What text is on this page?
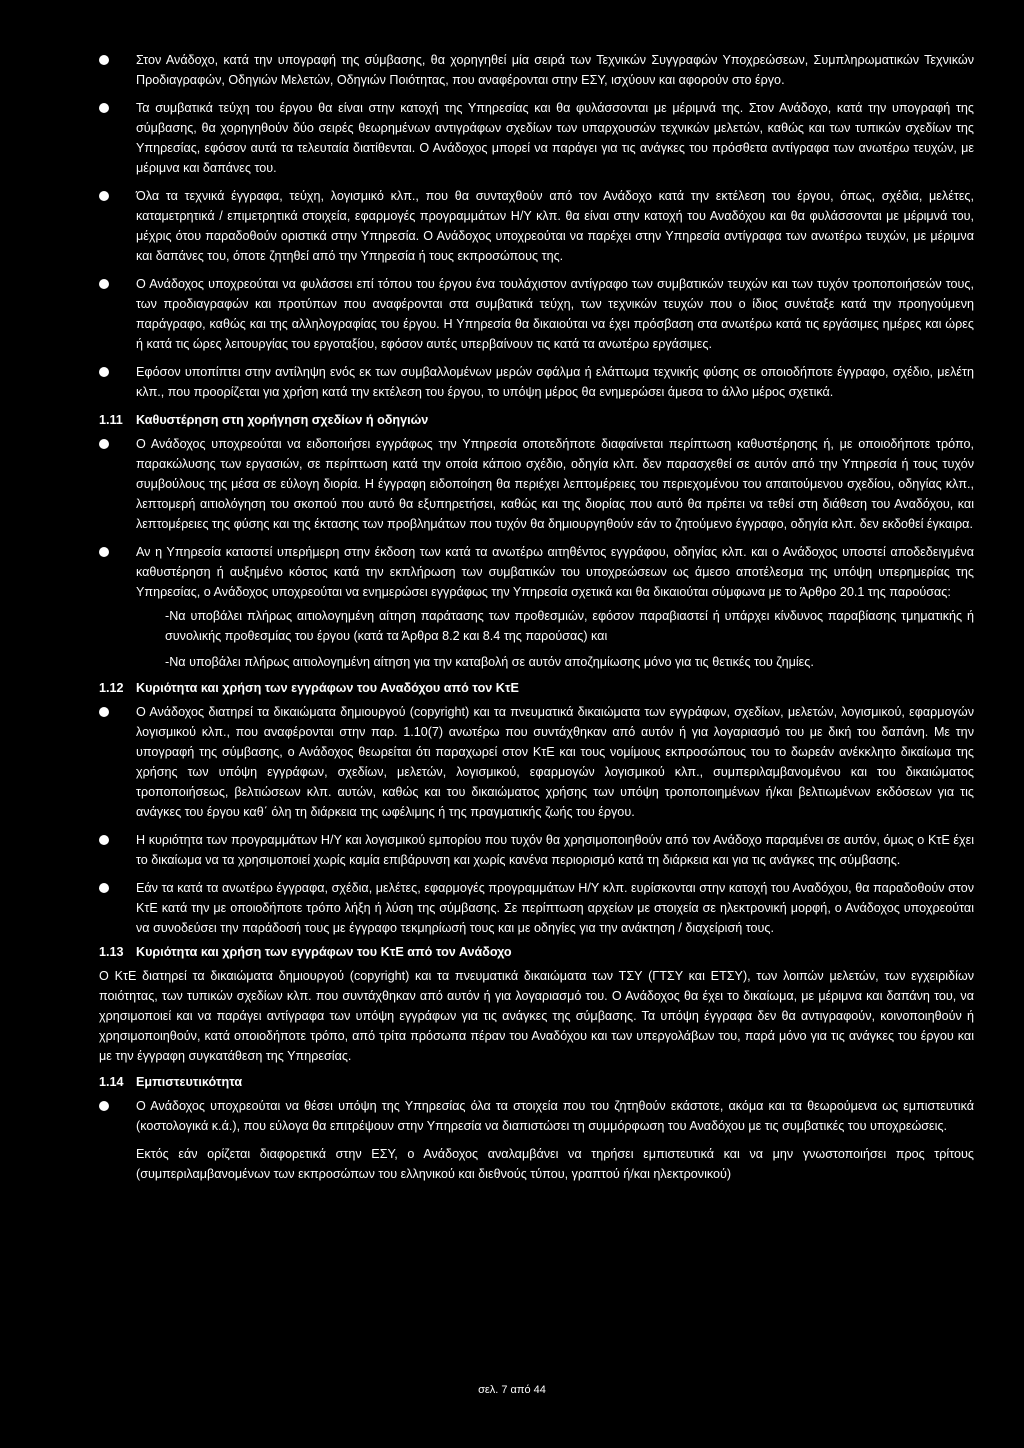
Στον Ανάδοχο, κατά την υπογραφή της σύμβασης, θα χορηγηθεί μία σειρά των Τεχνικών Συγγραφών Υποχρεώσεων, Συμπληρωματικών Τεχνικών Προδιαγραφών, Οδηγιών Μελετών, Οδηγιών Ποιότητας, που αναφέρονται στην ΕΣΥ, ισχύουν και αφορούν στο έργο.

Τα συμβατικά τεύχη του έργου θα είναι στην κατοχή της Υπηρεσίας και θα φυλάσσονται με μέριμνά της. Στον Ανάδοχο, κατά την υπογραφή της σύμβασης, θα χορηγηθούν δύο σειρές θεωρημένων αντιγράφων σχεδίων των υπαρχουσών τεχνικών μελετών, καθώς και των τυπικών σχεδίων της Υπηρεσίας, εφόσον αυτά τα τελευταία διατίθενται. Ο Ανάδοχος μπορεί να παράγει για τις ανάγκες του πρόσθετα αντίγραφα των ανωτέρω τευχών, με μέριμνα και δαπάνες του.

Όλα τα τεχνικά έγγραφα, τεύχη, λογισμικό κλπ., που θα συνταχθούν από τον Ανάδοχο κατά την εκτέλεση του έργου, όπως, σχέδια, μελέτες, καταμετρητικά / επιμετρητικά στοιχεία, εφαρμογές προγραμμάτων Η/Υ κλπ. θα είναι στην κατοχή του Αναδόχου και θα φυλάσσονται με μέριμνά του, μέχρις ότου παραδοθούν οριστικά στην Υπηρεσία. Ο Ανάδοχος υποχρεούται να παρέχει στην Υπηρεσία αντίγραφα των ανωτέρω τευχών, με μέριμνα και δαπάνες του, όποτε ζητηθεί από την Υπηρεσία ή τους εκπροσώπους της.

Ο Ανάδοχος υποχρεούται να φυλάσσει επί τόπου του έργου ένα τουλάχιστον αντίγραφο των συμβατικών τευχών και των τυχόν τροποποιήσεών τους, των προδιαγραφών και προτύπων που αναφέρονται στα συμβατικά τεύχη, των τεχνικών τευχών που ο ίδιος συνέταξε κατά την προηγούμενη παράγραφο, καθώς και της αλληλογραφίας του έργου. Η Υπηρεσία θα δικαιούται να έχει πρόσβαση στα ανωτέρω κατά τις εργάσιμες ημέρες και ώρες ή κατά τις ώρες λειτουργίας του εργοταξίου, εφόσον αυτές υπερβαίνουν τις κατά τα ανωτέρω εργάσιμες.

Εφόσον υποπίπτει στην αντίληψη ενός εκ των συμβαλλομένων μερών σφάλμα ή ελάττωμα τεχνικής φύσης σε οποιοδήποτε έγγραφο, σχέδιο, μελέτη κλπ., που προορίζεται για χρήση κατά την εκτέλεση του έργου, το υπόψη μέρος θα ενημερώσει άμεσα το άλλο μέρος σχετικά.

1.11 Καθυστέρηση στη χορήγηση σχεδίων ή οδηγιών

Ο Ανάδοχος υποχρεούται να ειδοποιήσει εγγράφως την Υπηρεσία οποτεδήποτε διαφαίνεται περίπτωση καθυστέρησης ή, με οποιοδήποτε τρόπο, παρακώλυσης των εργασιών, σε περίπτωση κατά την οποία κάποιο σχέδιο, οδηγία κλπ. δεν παρασχεθεί σε αυτόν από την Υπηρεσία ή τους τυχόν συμβούλους της μέσα σε εύλογη διορία. Η έγγραφη ειδοποίηση θα περιέχει λεπτομέρειες του περιεχομένου του απαιτούμενου σχεδίου, οδηγίας κλπ., λεπτομερή αιτιολόγηση του σκοπού που αυτό θα εξυπηρετήσει, καθώς και της διορίας που αυτό θα πρέπει να τεθεί στη διάθεση του Αναδόχου, και λεπτομέρειες της φύσης και της έκτασης των προβλημάτων που τυχόν θα δημιουργηθούν εάν το ζητούμενο έγγραφο, οδηγία κλπ. δεν εκδοθεί έγκαιρα.

Αν η Υπηρεσία καταστεί υπερήμερη στην έκδοση των κατά τα ανωτέρω αιτηθέντος εγγράφου, οδηγίας κλπ. και ο Ανάδοχος υποστεί αποδεδειγμένα καθυστέρηση ή αυξημένο κόστος κατά την εκπλήρωση των συμβατικών του υποχρεώσεων ως άμεσο αποτέλεσμα της υπόψη υπερημερίας της Υπηρεσίας, ο Ανάδοχος υποχρεούται να ενημερώσει εγγράφως την Υπηρεσία σχετικά και θα δικαιούται σύμφωνα με το Άρθρο 20.1 της παρούσας:

-Να υποβάλει πλήρως αιτιολογημένη αίτηση παράτασης των προθεσμιών, εφόσον παραβιαστεί ή υπάρχει κίνδυνος παραβίασης τμηματικής ή συνολικής προθεσμίας του έργου (κατά τα Άρθρα 8.2 και 8.4 της παρούσας) και

-Να υποβάλει πλήρως αιτιολογημένη αίτηση για την καταβολή σε αυτόν αποζημίωσης μόνο για τις θετικές του ζημίες.

1.12 Κυριότητα και χρήση των εγγράφων του Αναδόχου από τον ΚτΕ

Ο Ανάδοχος διατηρεί τα δικαιώματα δημιουργού (copyright) και τα πνευματικά δικαιώματα των εγγράφων, σχεδίων, μελετών, λογισμικού, εφαρμογών λογισμικού κλπ., που αναφέρονται στην παρ. 1.10(7) ανωτέρω που συντάχθηκαν από αυτόν ή για λογαριασμό του με δική του δαπάνη. Με την υπογραφή της σύμβασης, ο Ανάδοχος θεωρείται ότι παραχωρεί στον ΚτΕ και τους νομίμους εκπροσώπους του το δωρεάν ανέκκλητο δικαίωμα της χρήσης των υπόψη εγγράφων, σχεδίων, μελετών, λογισμικού, εφαρμογών λογισμικού κλπ., συμπεριλαμβανομένου και του δικαιώματος τροποποιήσεως, βελτιώσεων κλπ. αυτών, καθώς και του δικαιώματος χρήσης των υπόψη τροποποιημένων ή/και βελτιωμένων εκδόσεων για τις ανάγκες του έργου καθ΄ όλη τη διάρκεια της ωφέλιμης ή της πραγματικής ζωής του έργου.

Η κυριότητα των προγραμμάτων Η/Υ και λογισμικού εμπορίου που τυχόν θα χρησιμοποιηθούν από τον Ανάδοχο παραμένει σε αυτόν, όμως ο ΚτΕ έχει το δικαίωμα να τα χρησιμοποιεί χωρίς καμία επιβάρυνση και χωρίς κανένα περιορισμό κατά τη διάρκεια και για τις ανάγκες της σύμβασης.

Εάν τα κατά τα ανωτέρω έγγραφα, σχέδια, μελέτες, εφαρμογές προγραμμάτων Η/Υ κλπ. ευρίσκονται στην κατοχή του Αναδόχου, θα παραδοθούν στον ΚτΕ κατά την με οποιοδήποτε τρόπο λήξη ή λύση της σύμβασης. Σε περίπτωση αρχείων με στοιχεία σε ηλεκτρονική μορφή, ο Ανάδοχος υποχρεούται να συνοδεύσει την παράδοσή τους με έγγραφο τεκμηρίωσή τους και με οδηγίες για την ανάκτηση / διαχείρισή τους.

1.13 Κυριότητα και χρήση των εγγράφων του ΚτΕ από τον Ανάδοχο

Ο ΚτΕ διατηρεί τα δικαιώματα δημιουργού (copyright) και τα πνευματικά δικαιώματα των ΤΣΥ (ΓΤΣΥ και ΕΤΣΥ), των λοιπών μελετών, των εγχειριδίων ποιότητας, των τυπικών σχεδίων κλπ. που συντάχθηκαν από αυτόν ή για λογαριασμό του. Ο Ανάδοχος θα έχει το δικαίωμα, με μέριμνα και δαπάνη του, να χρησιμοποιεί και να παράγει αντίγραφα των υπόψη εγγράφων για τις ανάγκες της σύμβασης. Τα υπόψη έγγραφα δεν θα αντιγραφούν, κοινοποιηθούν ή χρησιμοποιηθούν, κατά οποιοδήποτε τρόπο, από τρίτα πρόσωπα πέραν του Αναδόχου και των υπεργολάβων του, παρά μόνο για τις ανάγκες του έργου και με την έγγραφη συγκατάθεση της Υπηρεσίας.

1.14 Εμπιστευτικότητα

Ο Ανάδοχος υποχρεούται να θέσει υπόψη της Υπηρεσίας όλα τα στοιχεία που του ζητηθούν εκάστοτε, ακόμα και τα θεωρούμενα ως εμπιστευτικά (κοστολογικά κ.ά.), που εύλογα θα επιτρέψουν στην Υπηρεσία να διαπιστώσει τη συμμόρφωση του Αναδόχου με τις συμβατικές του υποχρεώσεις.

Εκτός εάν ορίζεται διαφορετικά στην ΕΣΥ, ο Ανάδοχος αναλαμβάνει να τηρήσει εμπιστευτικά και να μην γνωστοποιήσει προς τρίτους (συμπεριλαμβανομένων των εκπροσώπων του ελληνικού και διεθνούς τύπου, γραπτού ή/και ηλεκτρονικού)

σελ. 7 από 44
